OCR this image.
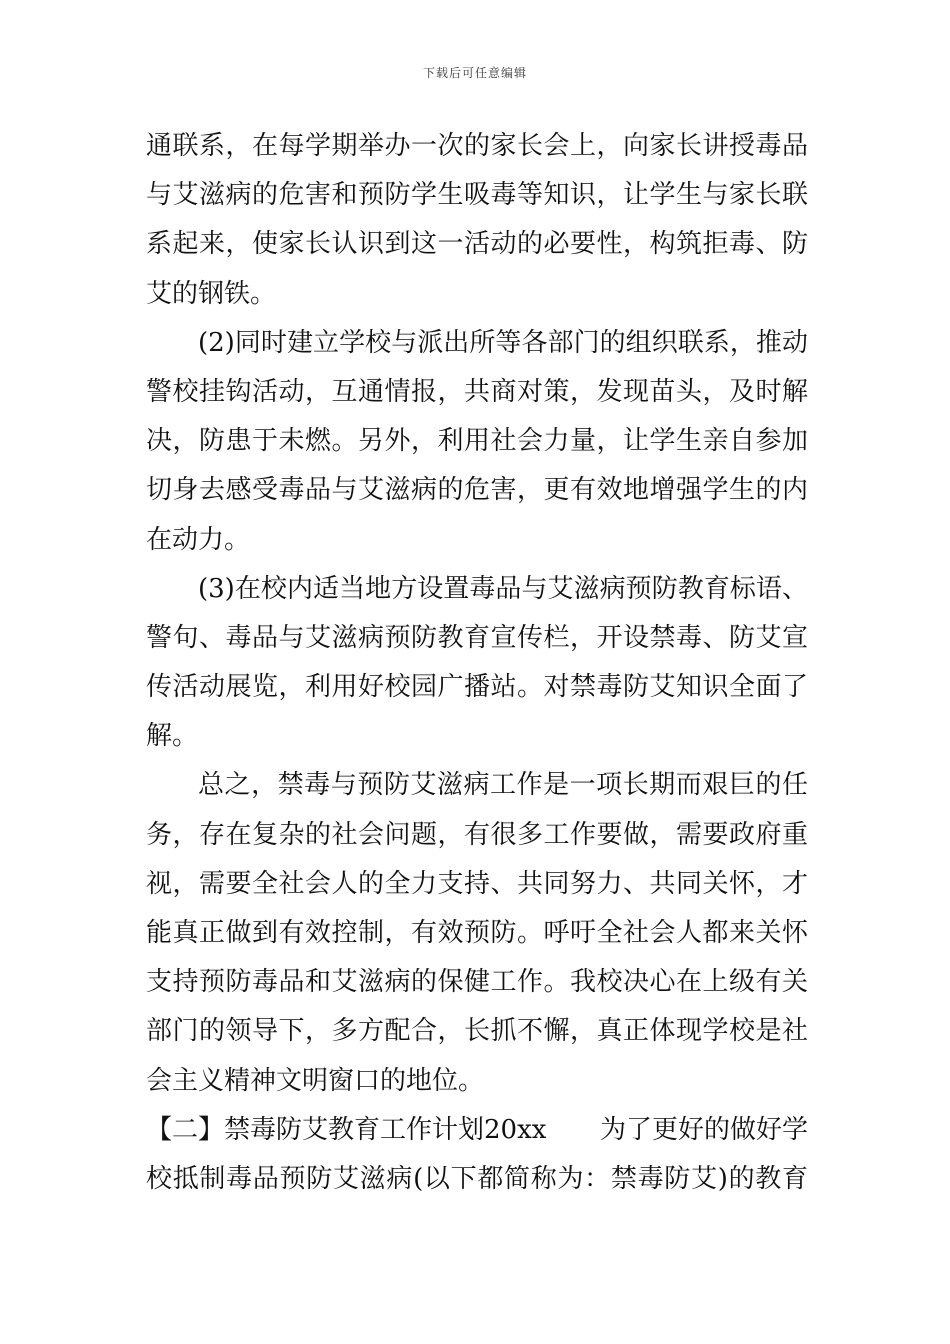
下载后可任意编辑
通联系，在每学期举办一次的家长会上，向家长讲授毒品
与艾滋病的危害和预防学生吸毒等知识，让学生与家长联
系起来，使家长认识到这一活动的必要性，构筑拒毒、防
艾的钢铁。
(2)同时建立学校与派出所等各部门的组织联系，推动
警校挂钩活动，互通情报，共商对策，发现苗头，及时解
决，防患于未燃。另外，利用社会力量，让学生亲自参加
切身去感受毒品与艾滋病的危害，更有效地增强学生的内
在动力。
(3)在校内适当地方设置毒品与艾滋病预防教育标语、
警句、毒品与艾滋病预防教育宣传栏，开设禁毒、防艾宣
传活动展览，利用好校园广播站。对禁毒防艾知识全面了
解。
总之，禁毒与预防艾滋病工作是一项长期而艰巨的任
务，存在复杂的社会问题，有很多工作要做，需要政府重
视，需要全社会人的全力支持、共同努力、共同关怀，才
能真正做到有效控制，有效预防。呼吁全社会人都来关怀
支持预防毒品和艾滋病的保健工作。我校决心在上级有关
部门的领导下，多方配合，长抓不懈，真正体现学校是社
会主义精神文明窗口的地位。
【二】禁毒防艾教育工作计划20xx 为了更好的做好学
校抵制毒品预防艾滋病(以下都简称为：禁毒防艾)的教育
